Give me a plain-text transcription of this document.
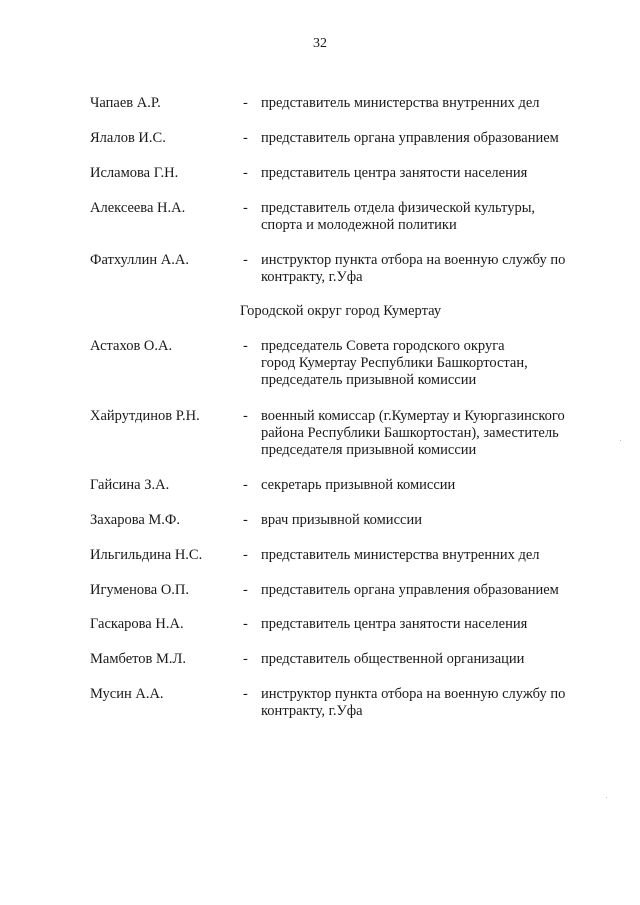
32
Чапаев А.Р.	- представитель министерства внутренних дел
Ялалов И.С.	- представитель органа управления образованием
Исламова Г.Н.	- представитель центра занятости населения
Алексеева Н.А.	- представитель отдела физической культуры,
спорта и молодежной политики
Фатхуллин А.А.	- инструктор пункта отбора на военную службу по
контракту, г.Уфа
Городской округ город Кумертау
Астахов О.А.	- председатель Совета городского округа
город Кумертау Республики Башкортостан,
председатель призывной комиссии
Хайрутдинов Р.Н.	- военный комиссар (г.Кумертау и Куюргазинского
района Республики Башкортостан), заместитель
председателя призывной комиссии
Гайсина З.А.	- секретарь призывной комиссии
Захарова М.Ф.	- врач призывной комиссии
Ильгильдина Н.С.	- представитель министерства внутренних дел
Игуменова О.П.	- представитель органа управления образованием
Гаскарова Н.А.	- представитель центра занятости населения
Мамбетов М.Л.	- представитель общественной организации
Мусин А.А.	- инструктор пункта отбора на военную службу по
контракту, г.Уфа
